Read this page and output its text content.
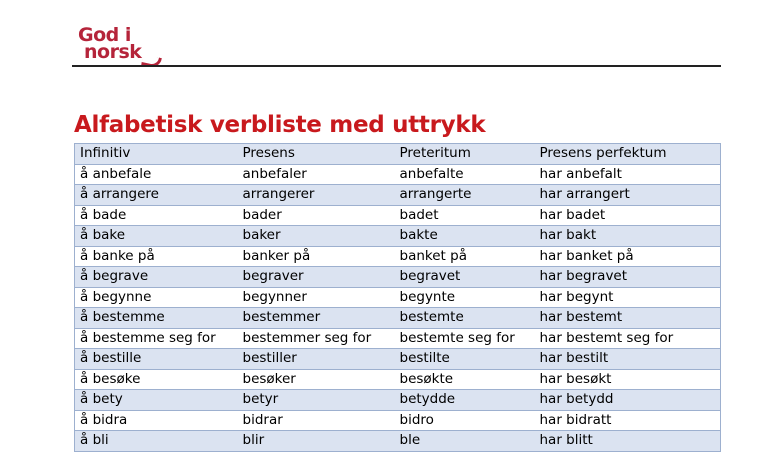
God i
norsk
Alfabetisk verbliste med uttrykk
Infinitiv	Presens	Preteritum	Presens perfektum
å anbefale	anbefaler	anbefalte	har anbefalt
å arrangere	arrangerer	arrangerte	har arrangert
å bade	bader	badet	har badet
å bake	baker	bakte	har bakt
å banke på	banker på	banket på	har banket på
å begrave	begraver	begravet	har begravet
å begynne	begynner	begynte	har begynt
å bestemme	bestemmer	bestemte	har bestemt
å bestemme seg for	bestemmer seg for	bestemte seg for	har bestemt seg for
å bestille	bestiller	bestilte	har bestilt
å besøke	besøker	besøkte	har besøkt
å bety	betyr	betydde	har betydd
å bidra	bidrar	bidro	har bidratt
å bli	blir	ble	har blitt
